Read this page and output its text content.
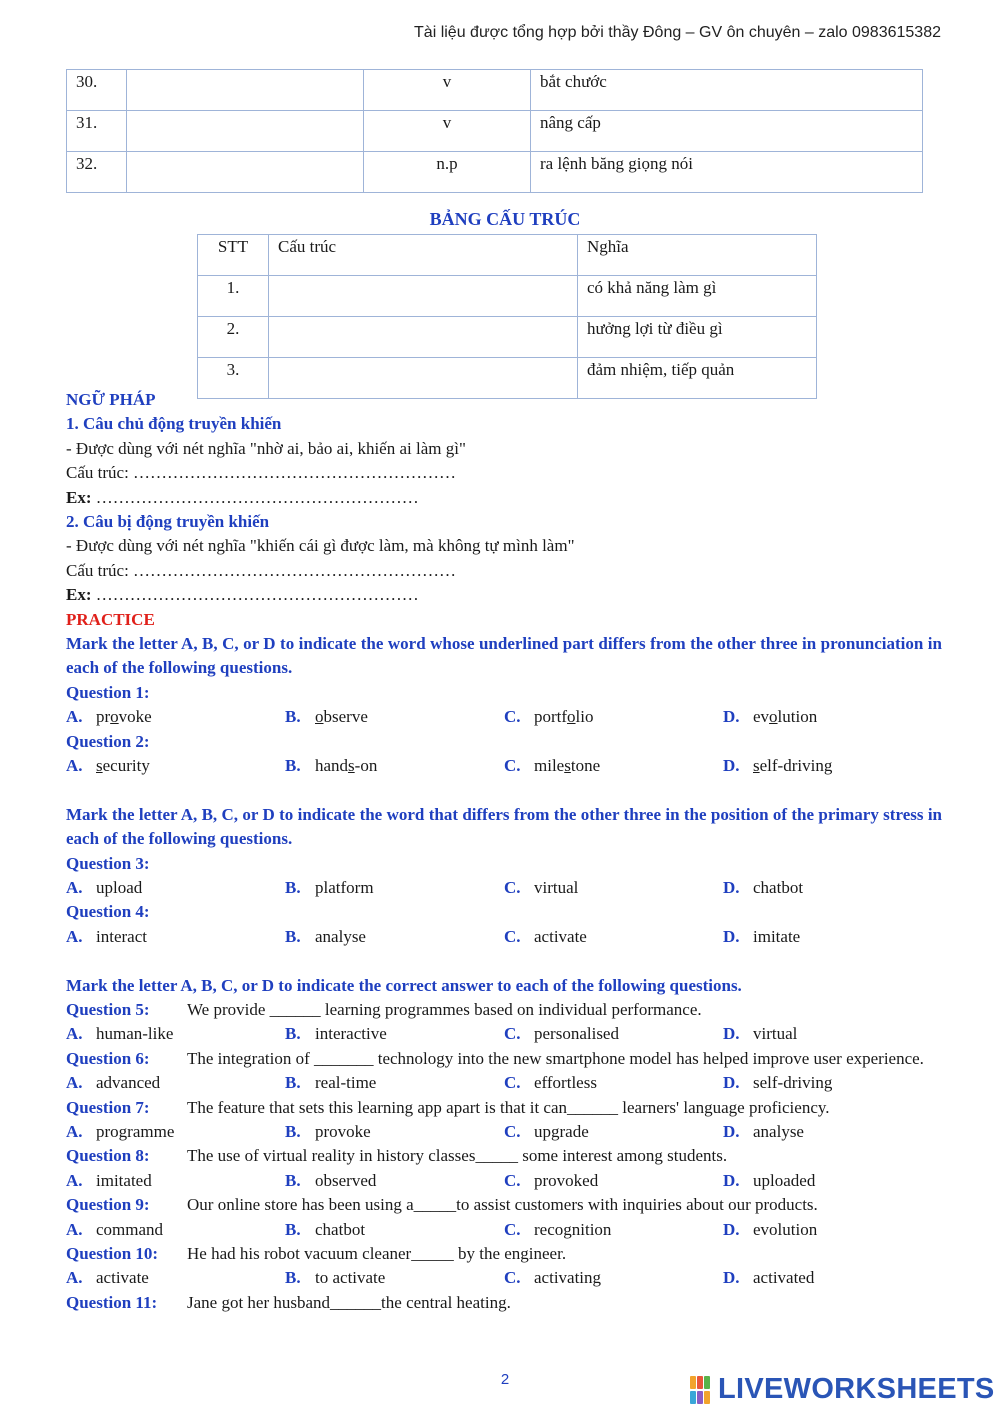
Tài liệu được tổng hợp bởi thầy Đông – GV ôn chuyên – zalo 0983615382
30.		v	bắt chước
31.		v	nâng cấp
32.		n.p	ra lệnh băng giọng nói
BẢNG CẤU TRÚC
STT	Cấu trúc	Nghĩa
1.		có khả năng làm gì
2.		hưởng lợi từ điều gì
3.		đảm nhiệm, tiếp quản

NGỮ PHÁP

1. Câu chủ động truyền khiến

- Được dùng với nét nghĩa "nhờ ai, bảo ai, khiến ai làm gì"

Cấu trúc: …………………………………………………

Ex: …………………………………………………

2. Câu bị động truyền khiến

- Được dùng với nét nghĩa "khiến cái gì được làm, mà không tự mình làm"

Cấu trúc: …………………………………………………

Ex: …………………………………………………

PRACTICE

Mark the letter A, B, C, or D to indicate the word whose underlined part differs from the other three in pronunciation in each of the following questions.

Question 1:

A. provoke	B. observe	C. portfolio	D. evolution

Question 2:

A. security	B. hands-on	C. milestone	D. self-driving

Mark the letter A, B, C, or D to indicate the word that differs from the other three in the position of the primary stress in each of the following questions.

Question 3:

A. upload	B. platform	C. virtual	D. chatbot

Question 4:

A. interact	B. analyse	C. activate	D. imitate

Mark the letter A, B, C, or D to indicate the correct answer to each of the following questions.

Question 5:	We provide ______ learning programmes based on individual performance.
A. human-like	B. interactive	C. personalised	D. virtual

Question 6: The integration of _______ technology into the new smartphone model has helped improve user experience.

A. advanced	B. real-time	C. effortless	D. self-driving
Question 7:	The feature that sets this learning app apart is that it can______ learners' language proficiency.
A. programme	B. provoke	C. upgrade	D. analyse
Question 8:	The use of virtual reality in history classes_____ some interest among students.
A. imitated	B. observed	C. provoked	D. uploaded
Question 9:	Our online store has been using a_____to assist customers with inquiries about our products.
A. command	B. chatbot	C. recognition	D. evolution
Question 10:	He had his robot vacuum cleaner_____ by the engineer.
A. activate	B. to activate	C. activating	D. activated
Question 11:	Jane got her husband______the central heating.
2	LIVEWORKSHEETS
